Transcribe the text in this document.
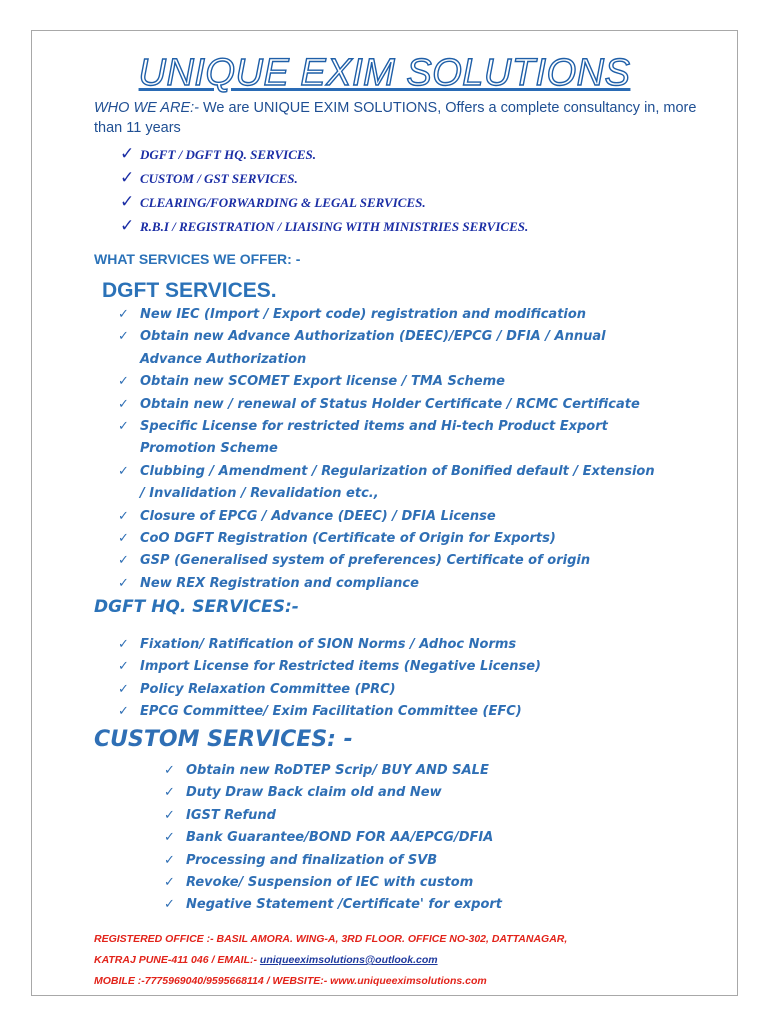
UNIQUE EXIM SOLUTIONS
WHO WE ARE:- We are UNIQUE EXIM SOLUTIONS, Offers a complete consultancy in, more than 11 years
✓ DGFT / DGFT HQ. SERVICES.
✓ CUSTOM / GST SERVICES.
✓ CLEARING/FORWARDING & LEGAL SERVICES.
✓ R.B.I / REGISTRATION / LIAISING WITH MINISTRIES SERVICES.
WHAT SERVICES WE OFFER: -
DGFT SERVICES.
✓ New IEC (Import / Export code) registration and modification
✓ Obtain new Advance Authorization (DEEC)/EPCG / DFIA / Annual
Advance Authorization
✓ Obtain new SCOMET Export license / TMA Scheme
✓ Obtain new / renewal of Status Holder Certificate / RCMC Certificate
✓ Specific License for restricted items and Hi-tech Product Export
Promotion Scheme
✓ Clubbing / Amendment / Regularization of Bonified default / Extension
/ Invalidation / Revalidation etc.,
✓ Closure of EPCG / Advance (DEEC) / DFIA License
✓ CoO DGFT Registration (Certificate of Origin for Exports)
✓ GSP (Generalised system of preferences) Certificate of origin
✓ New REX Registration and compliance
DGFT HQ. SERVICES:-
✓ Fixation/ Ratification of SION Norms / Adhoc Norms
✓ Import License for Restricted items (Negative License)
✓ Policy Relaxation Committee (PRC)
✓ EPCG Committee/ Exim Facilitation Committee (EFC)
CUSTOM SERVICES: -
✓ Obtain new RoDTEP Scrip/ BUY AND SALE
✓ Duty Draw Back claim old and New
✓ IGST Refund
✓ Bank Guarantee/BOND FOR AA/EPCG/DFIA
✓ Processing and finalization of SVB
✓ Revoke/ Suspension of IEC with custom
✓ Negative Statement /Certificate' for export
REGISTERED OFFICE :- BASIL AMORA. WING-A, 3RD FLOOR. OFFICE NO-302, DATTANAGAR,
KATRAJ PUNE-411 046 / EMAIL:- uniqueeximsolutions@outlook.com
MOBILE :-7775969040/9595668114 / WEBSITE:- www.uniqueeximsolutions.com
